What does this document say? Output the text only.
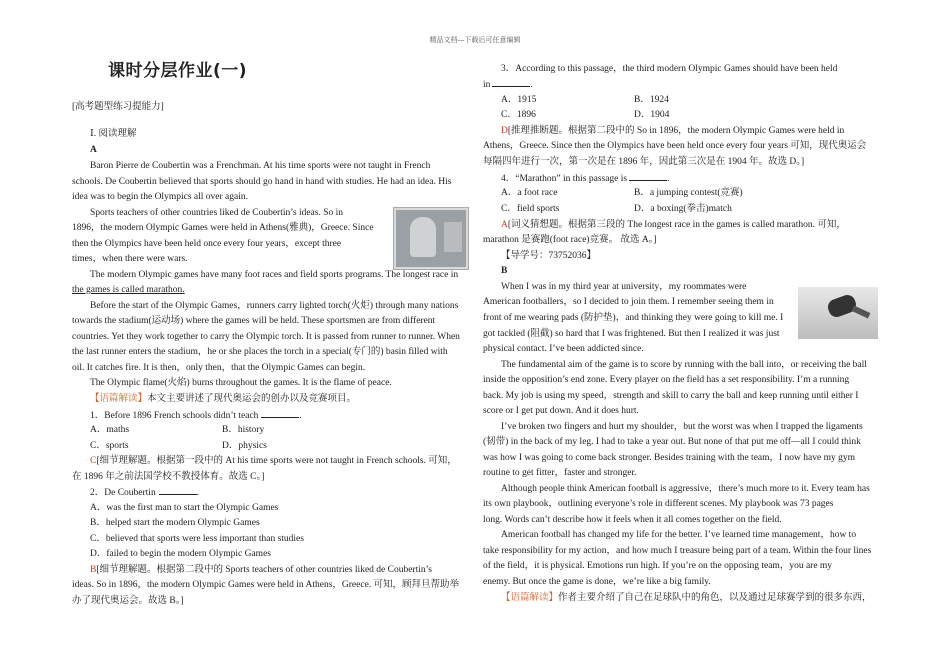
精品文档---下载后可任意编辑
课时分层作业(一)
[高考题型练习提能力]
Ⅰ. 阅读理解
A
Baron Pierre de Coubertin was a Frenchman. At his time sports were not taught in French
schools. De Coubertin believed that sports should go hand in hand with studies. He had an idea. His
idea was to begin the Olympics all over again.
Sports teachers of other countries liked de Coubertin’s ideas. So in
1896，the modern Olympic Games were held in Athens(雅典)，Greece. Since
then the Olympics have been held once every four years，except three
times，when there were wars.
The modern Olympic games have many foot races and field sports programs. The longest race in
the games is called marathon.
Before the start of the Olympic Games，runners carry lighted torch(火炬) through many nations
towards the stadium(运动场) where the games will be held. These sportsmen are from different
countries. Yet they work together to carry the Olympic torch. It is passed from runner to runner. When
the last runner enters the stadium，he or she places the torch in a special(专门的) basin filled with
oil. It catches fire. It is then，only then，that the Olympic Games can begin.
The Olympic flame(火焰) burns throughout the games. It is the flame of peace.
【语篇解读】本文主要讲述了现代奥运会的创办以及竞赛项目。
1．Before 1896 French schools didn’t teach	.
A．maths	B．history
C．sports	D．physics
C[细节理解题。根据第一段中的 At his time sports were not taught in French schools. 可知，
在 1896 年之前法国学校不教授体育。故选 C。]
2．De Coubertin	.
A．was the first man to start the Olympic Games
B．helped start the modern Olympic Games
C．believed that sports were less important than studies
D．failed to begin the modern Olympic Games
B[细节理解题。根据第二段中的 Sports teachers of other countries liked de Coubertin’s
ideas. So in 1896，the modern Olympic Games were held in Athens，Greece. 可知，顾拜旦帮助举
办了现代奥运会。故选 B。]
3．According to this passage，the third modern Olympic Games should have been held
in	.
A．1915	B．1924
C．1896	D．1904
D[推理推断题。根据第二段中的 So in 1896，the modern Olympic Games were held in
Athens，Greece. Since then the Olympics have been held once every four years 可知，现代奥运会
每隔四年进行一次，第一次是在 1896 年，因此第三次是在 1904 年。故选 D。]
4．“Marathon” in this passage is	.
A．a foot race	B．a jumping contest(竞赛)
C．field sports	D．a boxing(拳击)match
A[词义猜想题。根据第三段的 The longest race in the games is called marathon. 可知，
marathon 是赛跑(foot race)竞赛。 故选 A。]
【导学号：73752036】
B
When I was in my third year at university，my roommates were
American footballers，so I decided to join them. I remember seeing them in
front of me wearing pads (防护垫)，and thinking they were going to kill me. I
got tackled (阻截) so hard that I was frightened. But then I realized it was just
physical contact. I’ve been addicted since.
The fundamental aim of the game is to score by running with the ball into，or receiving the ball
inside the opposition’s end zone. Every player on the field has a set responsibility. I’m a running
back. My job is using my speed，strength and skill to carry the ball and keep running until either I
score or I get put down. And it does hurt.
I’ve broken two fingers and hurt my shoulder，but the worst was when I trapped the ligaments
(韧带) in the back of my leg. I had to take a year out. But none of that put me off—all I could think
was how I was going to come back stronger. Besides training with the team，I now have my gym
routine to get fitter，faster and stronger.
Although people think American football is aggressive，there’s much more to it. Every team has
its own playbook，outlining everyone’s role in different scenes. My playbook was 73 pages
long. Words can’t describe how it feels when it all comes together on the field.
American football has changed my life for the better. I’ve learned time management，how to
take responsibility for my action，and how much I treasure being part of a team. Within the four lines
of the field，it is physical. Emotions run high. If you’re on the opposing team，you are my
enemy. But once the game is done，we’re like a big family.
【语篇解读】作者主要介绍了自己在足球队中的角色，以及通过足球赛学到的很多东西，
